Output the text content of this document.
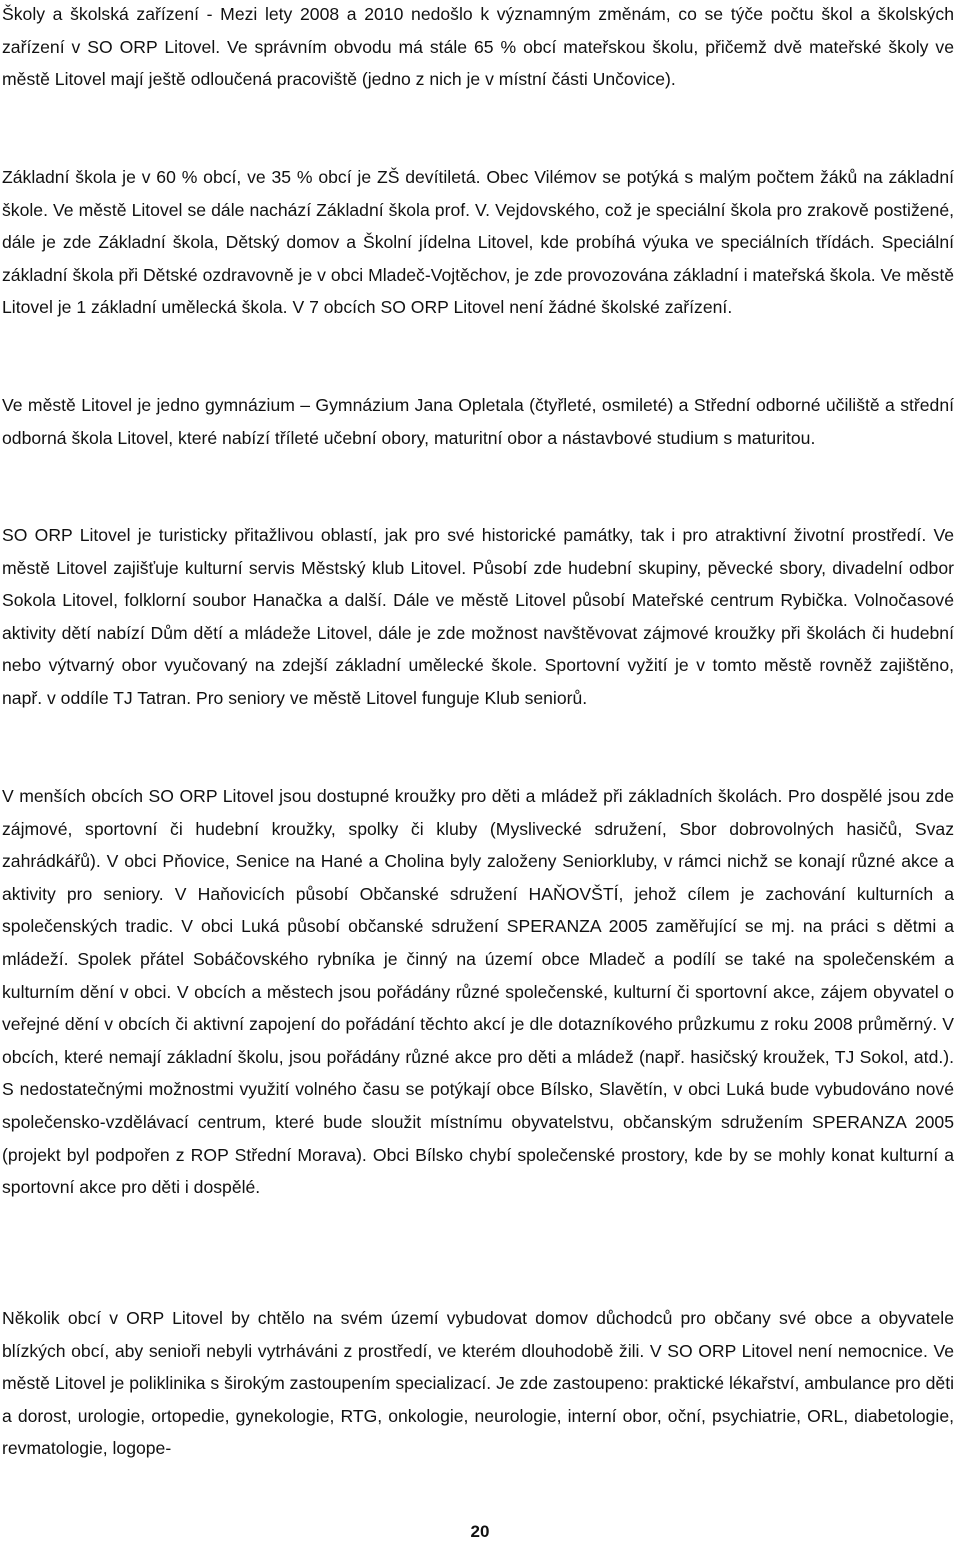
Školy a školská zařízení - Mezi lety 2008 a 2010 nedošlo k významným změnám, co se týče počtu škol a školských zařízení v SO ORP Litovel. Ve správním obvodu má stále 65 % obcí mateřskou školu, přičemž dvě mateřské školy ve městě Litovel mají ještě odloučená pracoviště (jedno z nich je v místní části Unčovice).

Základní škola je v 60 % obcí, ve 35 % obcí je ZŠ devítiletá. Obec Vilémov se potýká s malým počtem žáků na základní škole. Ve městě Litovel se dále nachází Základní škola prof. V. Vejdovského, což je speciální škola pro zrakově postižené, dále je zde Základní škola, Dětský domov a Školní jídelna Litovel, kde probíhá výuka ve speciálních třídách. Speciální základní škola při Dětské ozdravovně je v obci Mladeč-Vojtěchov, je zde provozována základní i mateřská škola. Ve městě Litovel je 1 základní umělecká škola. V 7 obcích SO ORP Litovel není žádné školské zařízení.

Ve městě Litovel je jedno gymnázium – Gymnázium Jana Opletala (čtyřleté, osmileté) a Střední odborné učiliště a střední odborná škola Litovel, které nabízí tříleté učební obory, maturitní obor a nástavbové studium s maturitou.

SO ORP Litovel je turisticky přitažlivou oblastí, jak pro své historické památky, tak i pro atraktivní životní prostředí. Ve městě Litovel zajišťuje kulturní servis Městský klub Litovel. Působí zde hudební skupiny, pěvecké sbory, divadelní odbor Sokola Litovel, folklorní soubor Hanačka a další. Dále ve městě Litovel působí Mateřské centrum Rybička. Volnočasové aktivity dětí nabízí Dům dětí a mládeže Litovel, dále je zde možnost navštěvovat zájmové kroužky při školách či hudební nebo výtvarný obor vyučovaný na zdejší základní umělecké škole. Sportovní vyžití je v tomto městě rovněž zajištěno, např. v oddíle TJ Tatran. Pro seniory ve městě Litovel funguje Klub seniorů.

V menších obcích SO ORP Litovel jsou dostupné kroužky pro děti a mládež při základních školách. Pro dospělé jsou zde zájmové, sportovní či hudební kroužky, spolky či kluby (Myslivecké sdružení, Sbor dobrovolných hasičů, Svaz zahrádkářů). V obci Pňovice, Senice na Hané a Cholina byly založeny Seniorkluby, v rámci nichž se konají různé akce a aktivity pro seniory. V Haňovicích působí Občanské sdružení HAŇOVŠTÍ, jehož cílem je zachování kulturních a společenských tradic. V obci Luká působí občanské sdružení SPERANZA 2005 zaměřující se mj. na práci s dětmi a mládeží. Spolek přátel Sobáčovského rybníka je činný na území obce Mladeč a podílí se také na společenském a kulturním dění v obci. V obcích a městech jsou pořádány různé společenské, kulturní či sportovní akce, zájem obyvatel o veřejné dění v obcích či aktivní zapojení do pořádání těchto akcí je dle dotazníkového průzkumu z roku 2008 průměrný. V obcích, které nemají základní školu, jsou pořádány různé akce pro děti a mládež (např. hasičský kroužek, TJ Sokol, atd.). S nedostatečnými možnostmi využití volného času se potýkají obce Bílsko, Slavětín, v obci Luká bude vybudováno nové společensko-vzdělávací centrum, které bude sloužit místnímu obyvatelstvu, občanským sdružením SPERANZA 2005 (projekt byl podpořen z ROP Střední Morava). Obci Bílsko chybí společenské prostory, kde by se mohly konat kulturní a sportovní akce pro děti i dospělé.

Několik obcí v ORP Litovel by chtělo na svém území vybudovat domov důchodců pro občany své obce a obyvatele blízkých obcí, aby senioři nebyli vytrháváni z prostředí, ve kterém dlouhodobě žili. V SO ORP Litovel není nemocnice. Ve městě Litovel je poliklinika s širokým zastoupením specializací. Je zde zastoupeno: praktické lékařství, ambulance pro děti a dorost, urologie, ortopedie, gynekologie, RTG, onkologie, neurologie, interní obor, oční, psychiatrie, ORL, diabetologie, revmatologie, logope-

20
